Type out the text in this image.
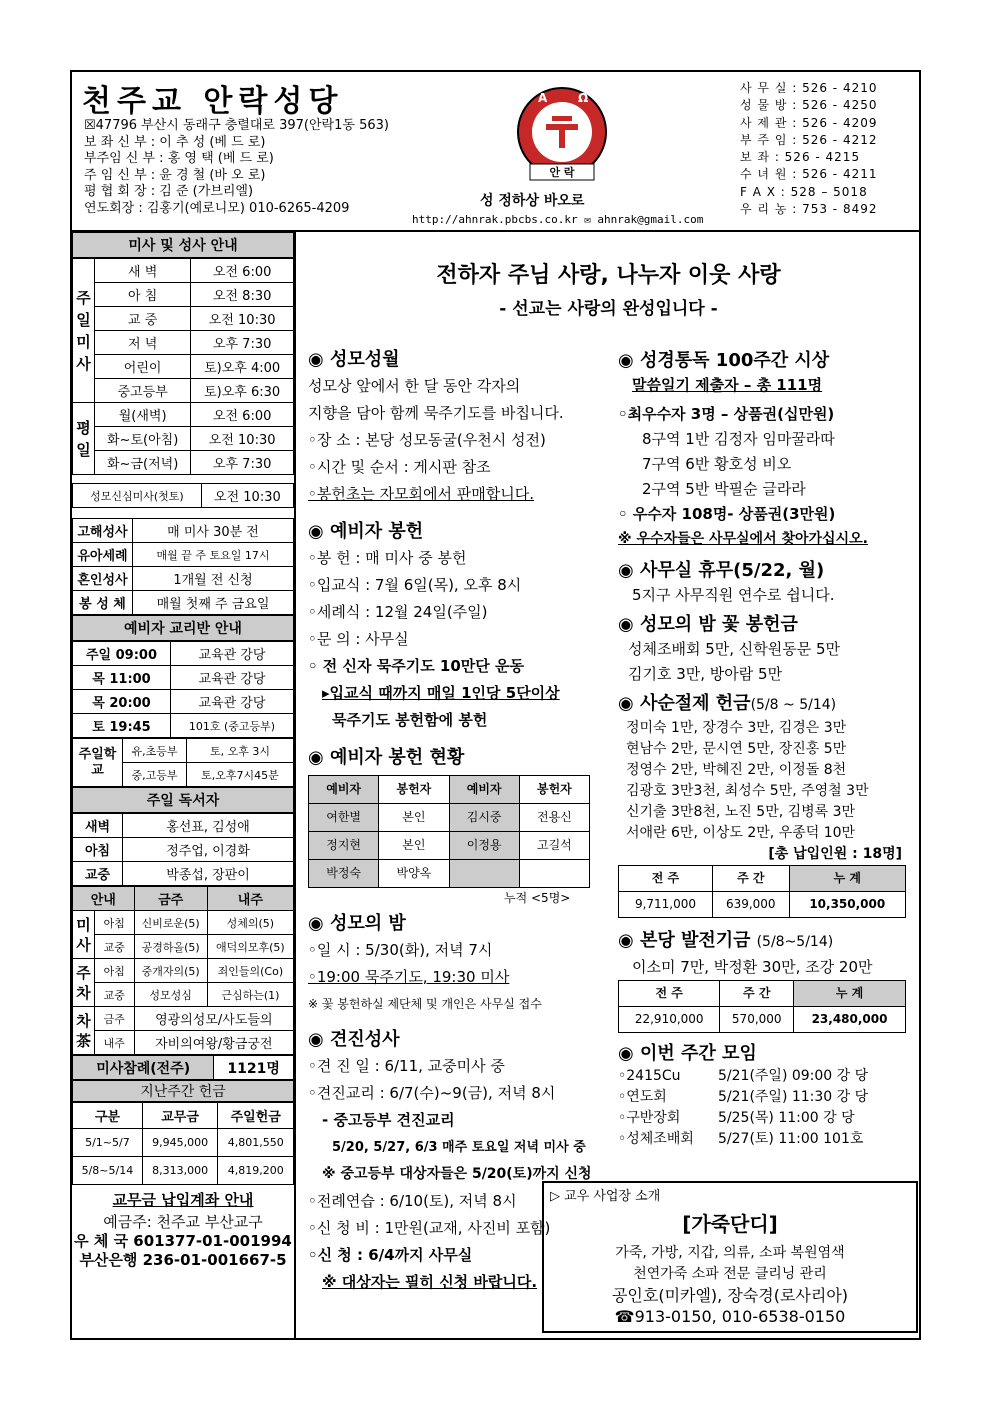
천주교 안락성당
☒47796 부산시 동래구 충렬대로 397(안락1동 563)
보 좌 신 부 : 이 추 성 (베 드 로)
부주임 신 부 : 홍 영 택 (베 드 로)
주 임 신 부 : 윤 경 철 (바 오 로)
평 협 회 장 : 김 준 (가브리엘)
연도회장 : 김홍기(예로니모) 010-6265-4209
A	Ω
안 락
성 정하상 바오로
http://ahnrak.pbcbs.co.kr ✉ ahnrak@gmail.com
사 무 실 : 526 - 4210
성 물 방 : 526 - 4250
사 제 관 : 526 - 4209
부 주 임 : 526 - 4212
보 좌 : 526 - 4215
수 녀 원 : 526 - 4211
F A X : 528 – 5018
우 리 농 : 753 - 8492
미사 및 성사 안내
주일미사	새 벽	오전 6:00
	아 침	오전 8:30
	교 중	오전 10:30
	저 녁	오후 7:30
	어린이	토)오후 4:00
	중고등부	토)오후 6:30
평일	월(새벽)	오전 6:00
	화~토(아침)	오전 10:30
	화~금(저녁)	오후 7:30
성모신심미사(첫토)	오전 10:30
고해성사	매 미사 30분 전
유아세례	매월 끝 주 토요일 17시
혼인성사	1개월 전 신청
봉 성 체	매월 첫째 주 금요일
예비자 교리반 안내
주일 09:00	교육관 강당
목 11:00	교육관 강당
목 20:00	교육관 강당
토 19:45	101호 (중고등부)
주일학교	유,초등부	토, 오후 3시
	중,고등부	토,오후7시45분
주일 독서자
새벽	홍선표, 김성애
아침	정주업, 이경화
교중	박종섭, 장판이
안내		금주	내주
미사	아침	신비로운(5)	성체의(5)
	교중	공경하올(5)	애덕의모후(5)
주차	아침	중개자의(5)	죄인들의(Co)
	교중	성모성심	근심하는(1)
차茶	금주	영광의성모/사도들의	
	내주	자비의여왕/황금궁전	
미사참례(전주)	1121명
지난주간 헌금
구분	교무금	주일헌금
5/1~5/7	9,945,000	4,801,550
5/8~5/14	8,313,000	4,819,200
교무금 납입계좌 안내
예금주: 천주교 부산교구
우 체 국 601377-01-001994
부산은행 236-01-001667-5
전하자 주님 사랑, 나누자 이웃 사랑
- 선교는 사랑의 완성입니다 -
◉ 성모성월
성모상 앞에서 한 달 동안 각자의
지향을 담아 함께 묵주기도를 바칩니다.
◦장 소 : 본당 성모동굴(우천시 성전)
◦시간 및 순서 : 게시판 참조
◦봉헌초는 자모회에서 판매합니다.
◉ 예비자 봉헌
◦봉 헌 : 매 미사 중 봉헌
◦입교식 : 7월 6일(목), 오후 8시
◦세례식 : 12월 24일(주일)
◦문 의 : 사무실
◦ 전 신자 묵주기도 10만단 운동
▸입교식 때까지 매일 1인당 5단이상
묵주기도 봉헌함에 봉헌
◉ 예비자 봉헌 현황
예비자	봉헌자	예비자	봉헌자
여한별	본인	김시중	전용신
정지현	본인	이정용	고길석
박정숙	박양옥		
누적 <5명>
◉ 성모의 밤
◦일 시 : 5/30(화), 저녁 7시
◦19:00 묵주기도, 19:30 미사
※ 꽃 봉헌하실 제단체 및 개인은 사무실 접수
◉ 견진성사
◦견 진 일 : 6/11, 교중미사 중
◦견진교리 : 6/7(수)~9(금), 저녁 8시
- 중고등부 견진교리
5/20, 5/27, 6/3 매주 토요일 저녁 미사 중
※ 중고등부 대상자들은 5/20(토)까지 신청
◦전례연습 : 6/10(토), 저녁 8시
◦신 청 비 : 1만원(교재, 사진비 포함)
◦신 청 : 6/4까지 사무실
※ 대상자는 필히 신청 바랍니다.
◉ 성경통독 100주간 시상
말씀일기 제출자 – 총 111명
◦최우수자 3명 – 상품권(십만원)
8구역 1반 김정자 임마꿀라따
7구역 6반 황호성 비오
2구역 5반 박필순 글라라
◦ 우수자 108명- 상품권(3만원)
※ 우수자들은 사무실에서 찾아가십시오.
◉ 사무실 휴무(5/22, 월)
5지구 사무직원 연수로 쉽니다.
◉ 성모의 밤 꽃 봉헌금
성체조배회 5만, 신학원동문 5만
김기호 3만, 방아람 5만
◉ 사순절제 헌금(5/8 ~ 5/14)
정미숙 1만, 장경수 3만, 김경은 3만
현남수 2만, 문시연 5만, 장진홍 5만
정영수 2만, 박혜진 2만, 이정돌 8천
김광호 3만3천, 최성수 5만, 주영철 3만
신기출 3만8천, 노진 5만, 김병록 3만
서애란 6만, 이상도 2만, 우종덕 10만
[총 납입인원 : 18명]
전 주	주 간	누 계
9,711,000	639,000	10,350,000
◉ 본당 발전기금 (5/8~5/14)
이소미 7만, 박정환 30만, 조강 20만
전 주	주 간	누 계
22,910,000	570,000	23,480,000
◉ 이번 주간 모임
◦2415Cu	5/21(주일) 09:00 강 당
◦연도회	5/21(주일) 11:30 강 당
◦구반장회	5/25(목) 11:00 강 당
◦성체조배회 5/27(토) 11:00 101호
▷ 교우 사업장 소개
[가죽단디]
가죽, 가방, 지갑, 의류, 소파 복원염색
천연가죽 소파 전문 클리닝 관리
공인호(미카엘), 장숙경(로사리아)
☎913-0150, 010-6538-0150
